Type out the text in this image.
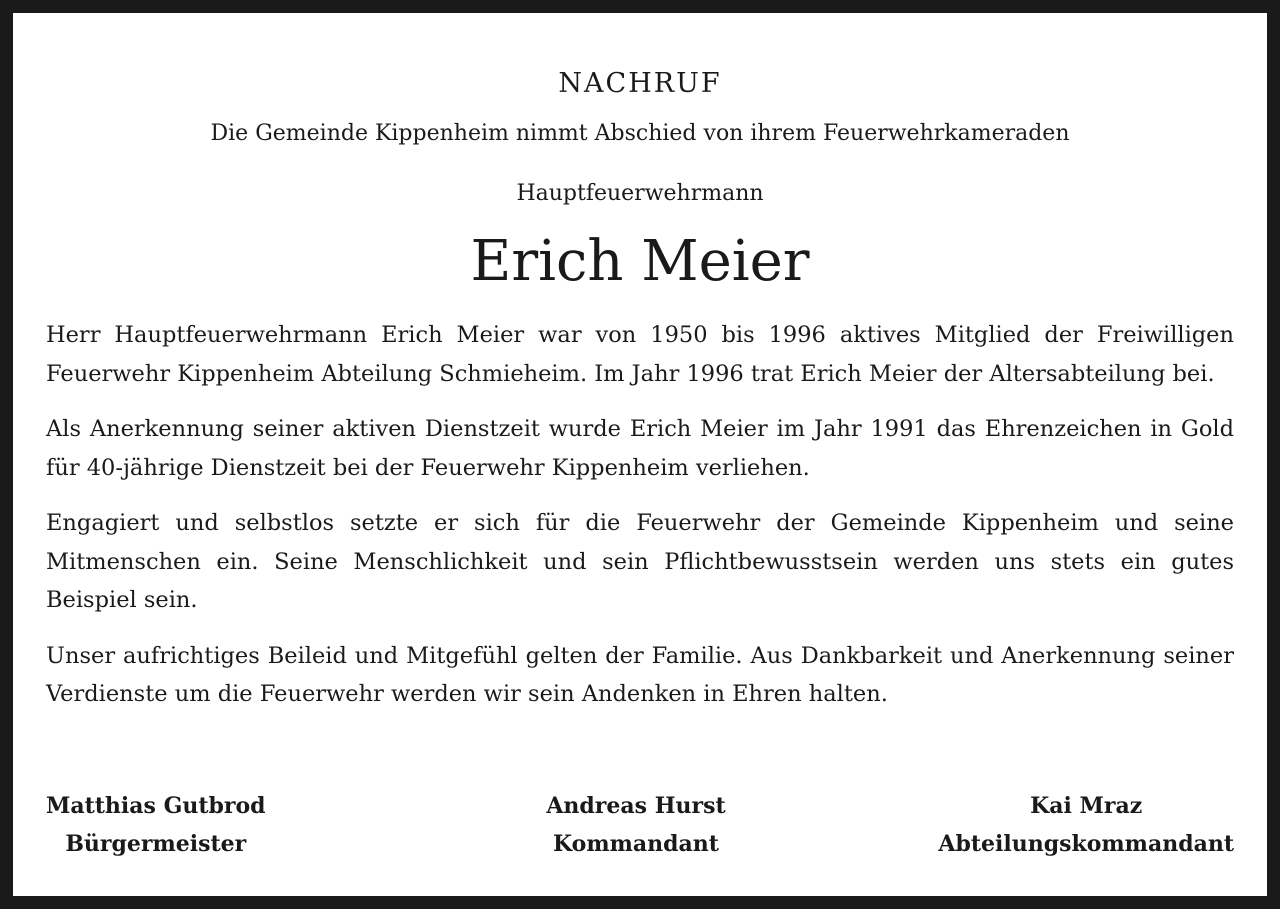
NACHRUF
Die Gemeinde Kippenheim nimmt Abschied von ihrem Feuerwehrkameraden
Hauptfeuerwehrmann
Erich Meier

Herr Hauptfeuerwehrmann Erich Meier war von 1950 bis 1996 aktives Mitglied der Freiwilligen Feuerwehr Kippenheim Abteilung Schmieheim. Im Jahr 1996 trat Erich Meier der Altersabteilung bei.

Als Anerkennung seiner aktiven Dienstzeit wurde Erich Meier im Jahr 1991 das Ehrenzeichen in Gold für 40-jährige Dienstzeit bei der Feuerwehr Kippenheim verliehen.

Engagiert und selbstlos setzte er sich für die Feuerwehr der Gemeinde Kippenheim und seine Mitmenschen ein. Seine Menschlichkeit und sein Pflichtbewusstsein werden uns stets ein gutes Beispiel sein.

Unser aufrichtiges Beileid und Mitgefühl gelten der Familie. Aus Dankbarkeit und Anerkennung seiner Verdienste um die Feuerwehr werden wir sein Andenken in Ehren halten.

Matthias Gutbrod
Bürgermeister
Andreas Hurst
Kommandant
Kai Mraz
Abteilungskommandant
